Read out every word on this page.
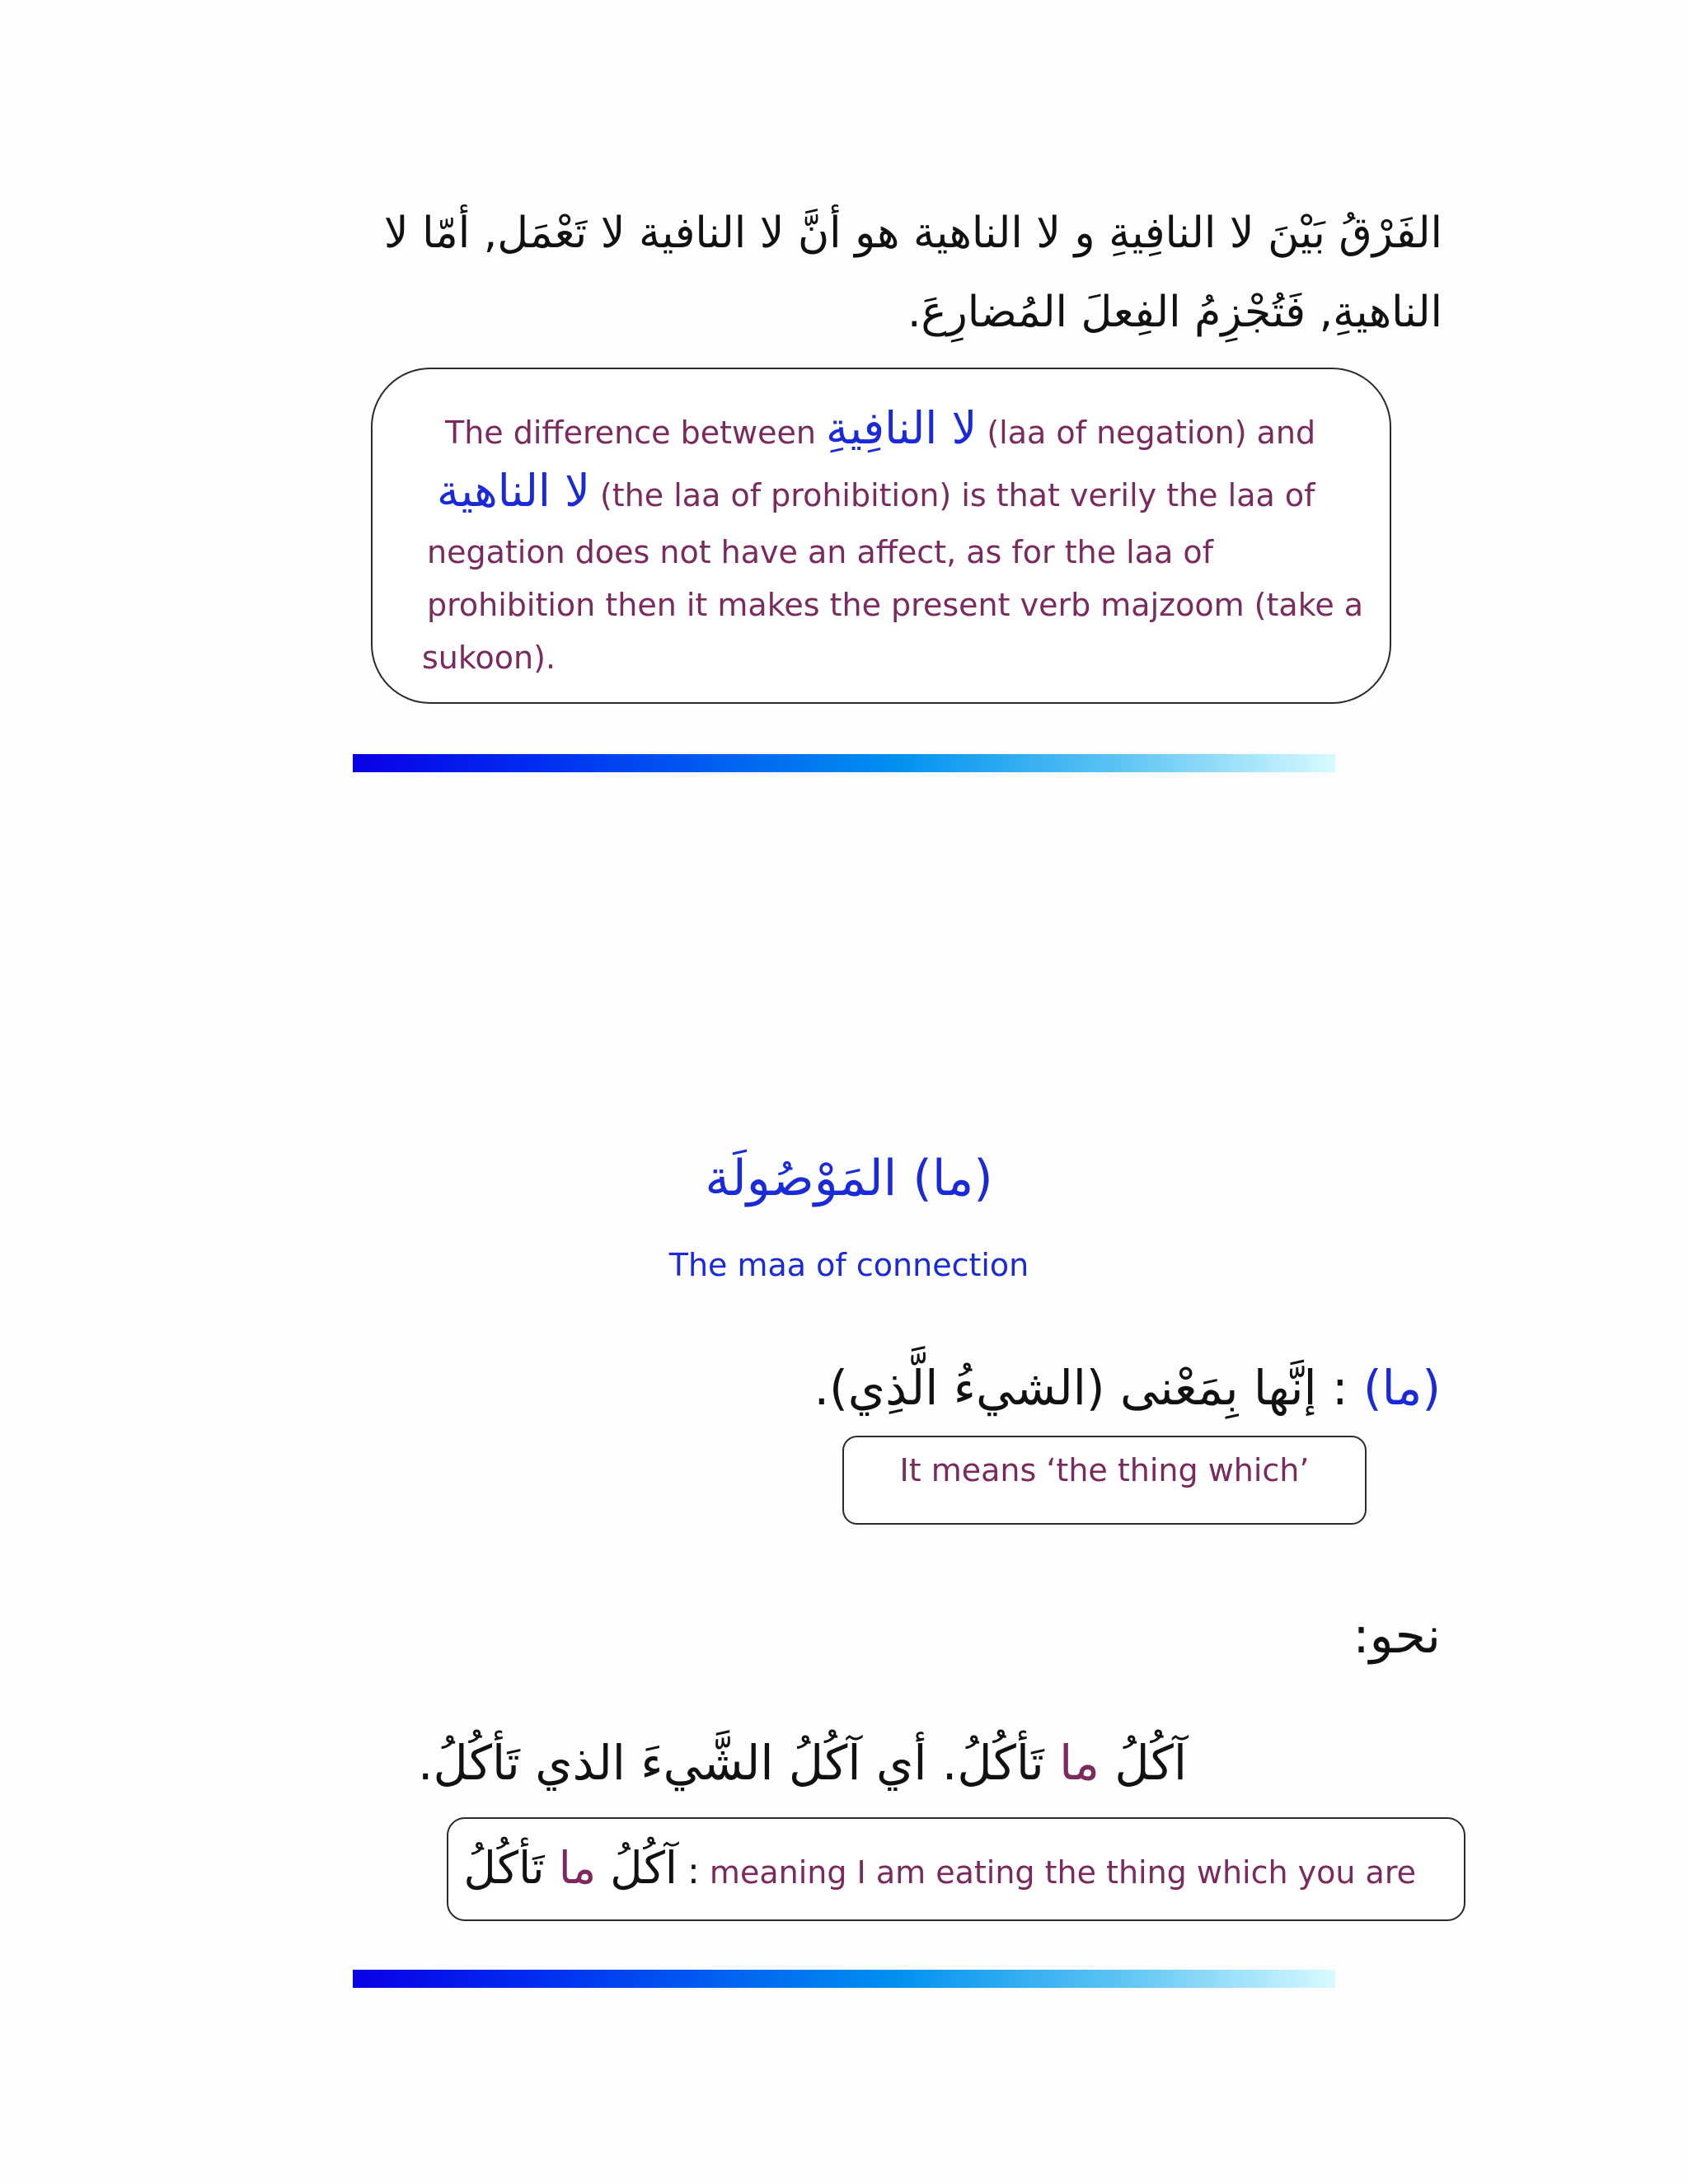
الفَرْقُ بَيْنَ لا النافِيةِ و لا الناهية هو أنَّ لا النافية لا تَعْمَل, أمّا لا
الناهيةِ, فَتُجْزِمُ الفِعلَ المُضارِعَ.
The difference between لا النافِيةِ (laa of negation) and
لا الناهية (the laa of prohibition) is that verily the laa of
negation does not have an affect, as for the laa of
prohibition then it makes the present verb majzoom (take a
sukoon).
(ما) المَوْصُولَة
The maa of connection
(ما) : إنَّها بِمَعْنى (الشيءُ الَّذِي).
It means ‘the thing which’
نحو:
آكُلُ ما تَأكُلُ. أي آكُلُ الشَّيءَ الذي تَأكُلُ.
آكُلُ ما تَأكُلُ	: meaning I am eating the thing which you are
